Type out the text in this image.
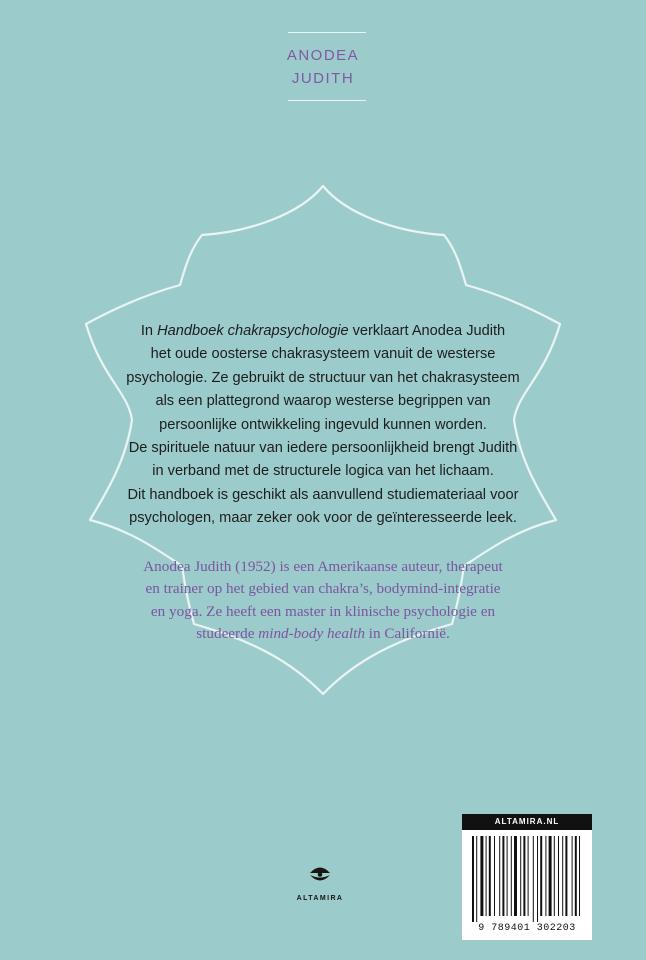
ANODEA
JUDITH
In Handboek chakrapsychologie verklaart Anodea Judith
het oude oosterse chakrasysteem vanuit de westerse
psychologie. Ze gebruikt de structuur van het chakrasysteem
als een plattegrond waarop westerse begrippen van
persoonlijke ontwikkeling ingevuld kunnen worden.
De spirituele natuur van iedere persoonlijkheid brengt Judith
in verband met de structurele logica van het lichaam.
Dit handboek is geschikt als aanvullend studiemateriaal voor
psychologen, maar zeker ook voor de geïnteresseerde leek.
Anodea Judith (1952) is een Amerikaanse auteur, therapeut
en trainer op het gebied van chakra’s, bodymind-integratie
en yoga. Ze heeft een master in klinische psychologie en
studeerde mind-body health in Californië.
ALTAMIRA
ALTAMIRA.NL
9 789401 302203
